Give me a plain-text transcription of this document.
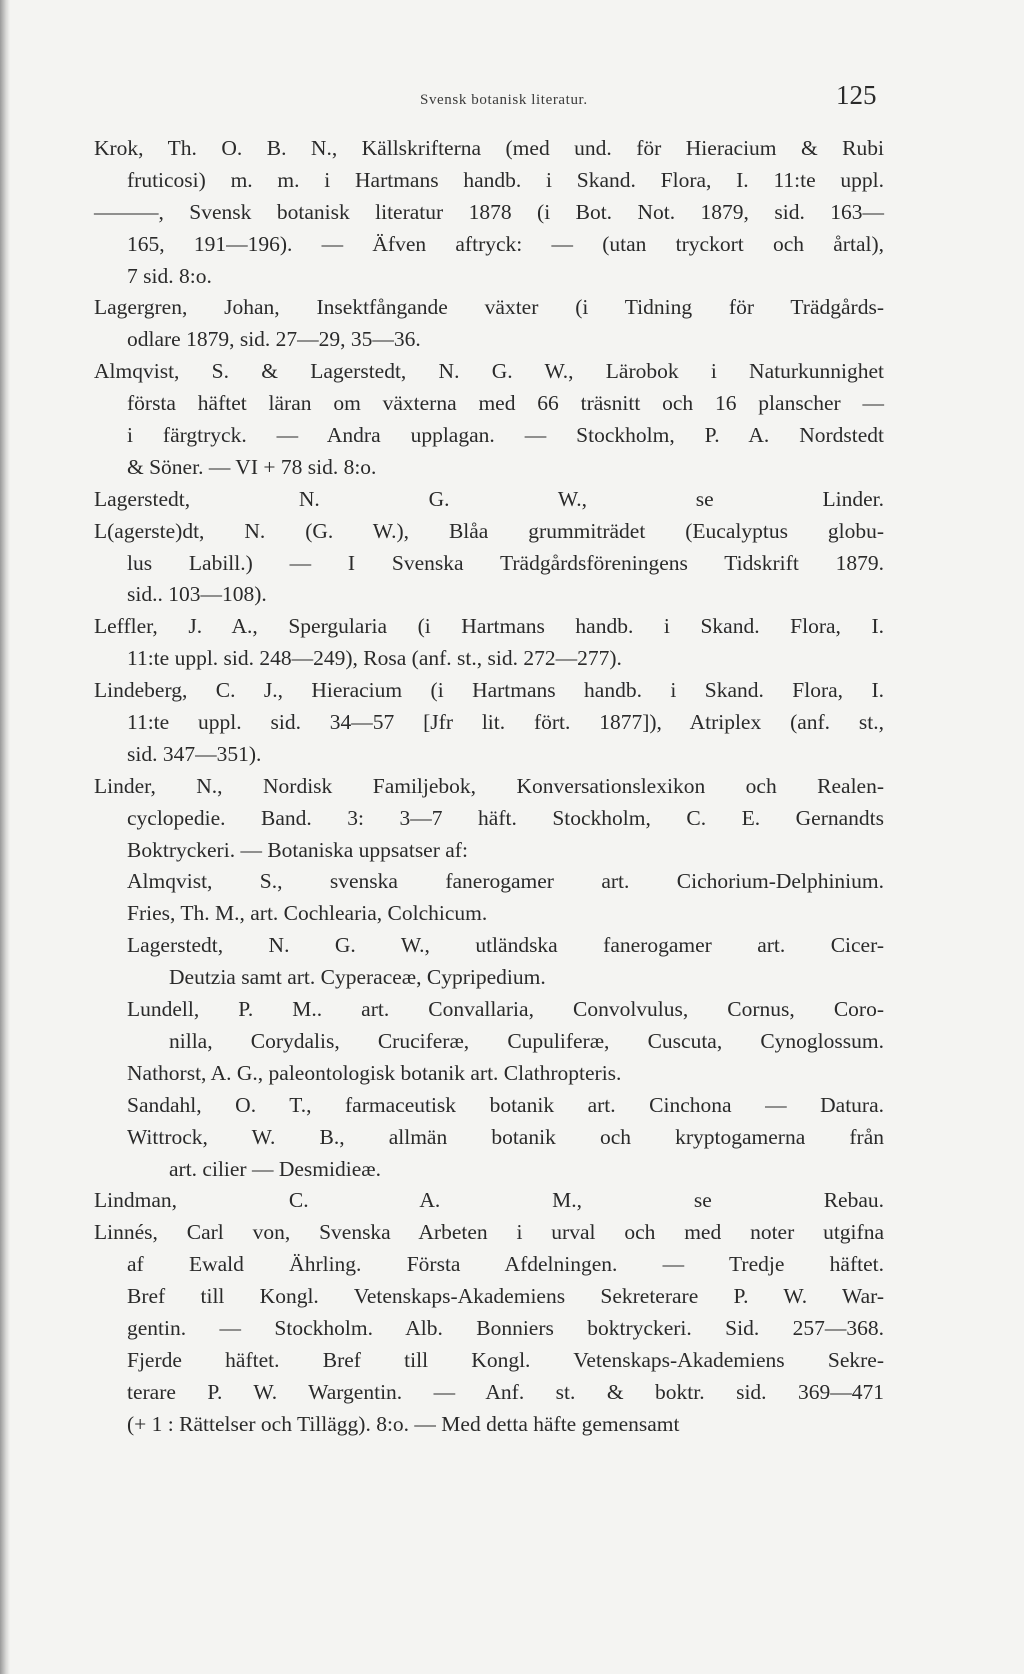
Svensk botanisk literatur.	125
Krok, Th. O. B. N., Källskrifterna (med und. för Hieracium & Rubi
fruticosi) m. m. i Hartmans handb. i Skand. Flora, I. 11:te uppl.
———, Svensk botanisk literatur 1878 (i Bot. Not. 1879, sid. 163—
165, 191—196). — Äfven aftryck: — (utan tryckort och årtal),
7 sid. 8:o.
Lagergren, Johan, Insektfångande växter (i Tidning för Trädgårds-
odlare 1879, sid. 27—29, 35—36.
Almqvist, S. & Lagerstedt, N. G. W., Lärobok i Naturkunnighet
första häftet läran om växterna med 66 träsnitt och 16 planscher —
i färgtryck. — Andra upplagan. — Stockholm, P. A. Nordstedt
& Söner. — VI + 78 sid. 8:o.
Lagerstedt, N. G. W., se Linder.
L(agerste)dt, N. (G. W.), Blåa grummiträdet (Eucalyptus globu-
lus Labill.) — I Svenska Trädgårdsföreningens Tidskrift 1879.
sid.. 103—108).
Leffler, J. A., Spergularia (i Hartmans handb. i Skand. Flora, I.
11:te uppl. sid. 248—249), Rosa (anf. st., sid. 272—277).
Lindeberg, C. J., Hieracium (i Hartmans handb. i Skand. Flora, I.
11:te uppl. sid. 34—57 [Jfr lit. fört. 1877]), Atriplex (anf. st.,
sid. 347—351).
Linder, N., Nordisk Familjebok, Konversationslexikon och Realen-
cyclopedie. Band. 3: 3—7 häft. Stockholm, C. E. Gernandts
Boktryckeri. — Botaniska uppsatser af:
Almqvist, S., svenska fanerogamer art. Cichorium-Delphinium.
Fries, Th. M., art. Cochlearia, Colchicum.
Lagerstedt, N. G. W., utländska fanerogamer art. Cicer-
Deutzia samt art. Cyperaceæ, Cypripedium.
Lundell, P. M.. art. Convallaria, Convolvulus, Cornus, Coro-
nilla, Corydalis, Cruciferæ, Cupuliferæ, Cuscuta, Cynoglossum.
Nathorst, A. G., paleontologisk botanik art. Clathropteris.
Sandahl, O. T., farmaceutisk botanik art. Cinchona — Datura.
Wittrock, W. B., allmän botanik och kryptogamerna från
art. cilier — Desmidieæ.
Lindman, C. A. M., se Rebau.
Linnés, Carl von, Svenska Arbeten i urval och med noter utgifna
af Ewald Ährling. Första Afdelningen. — Tredje häftet.
Bref till Kongl. Vetenskaps-Akademiens Sekreterare P. W. War-
gentin. — Stockholm. Alb. Bonniers boktryckeri. Sid. 257—368.
Fjerde häftet. Bref till Kongl. Vetenskaps-Akademiens Sekre-
terare P. W. Wargentin. — Anf. st. & boktr. sid. 369—471
(+ 1 : Rättelser och Tillägg). 8:o. — Med detta häfte gemensamt
